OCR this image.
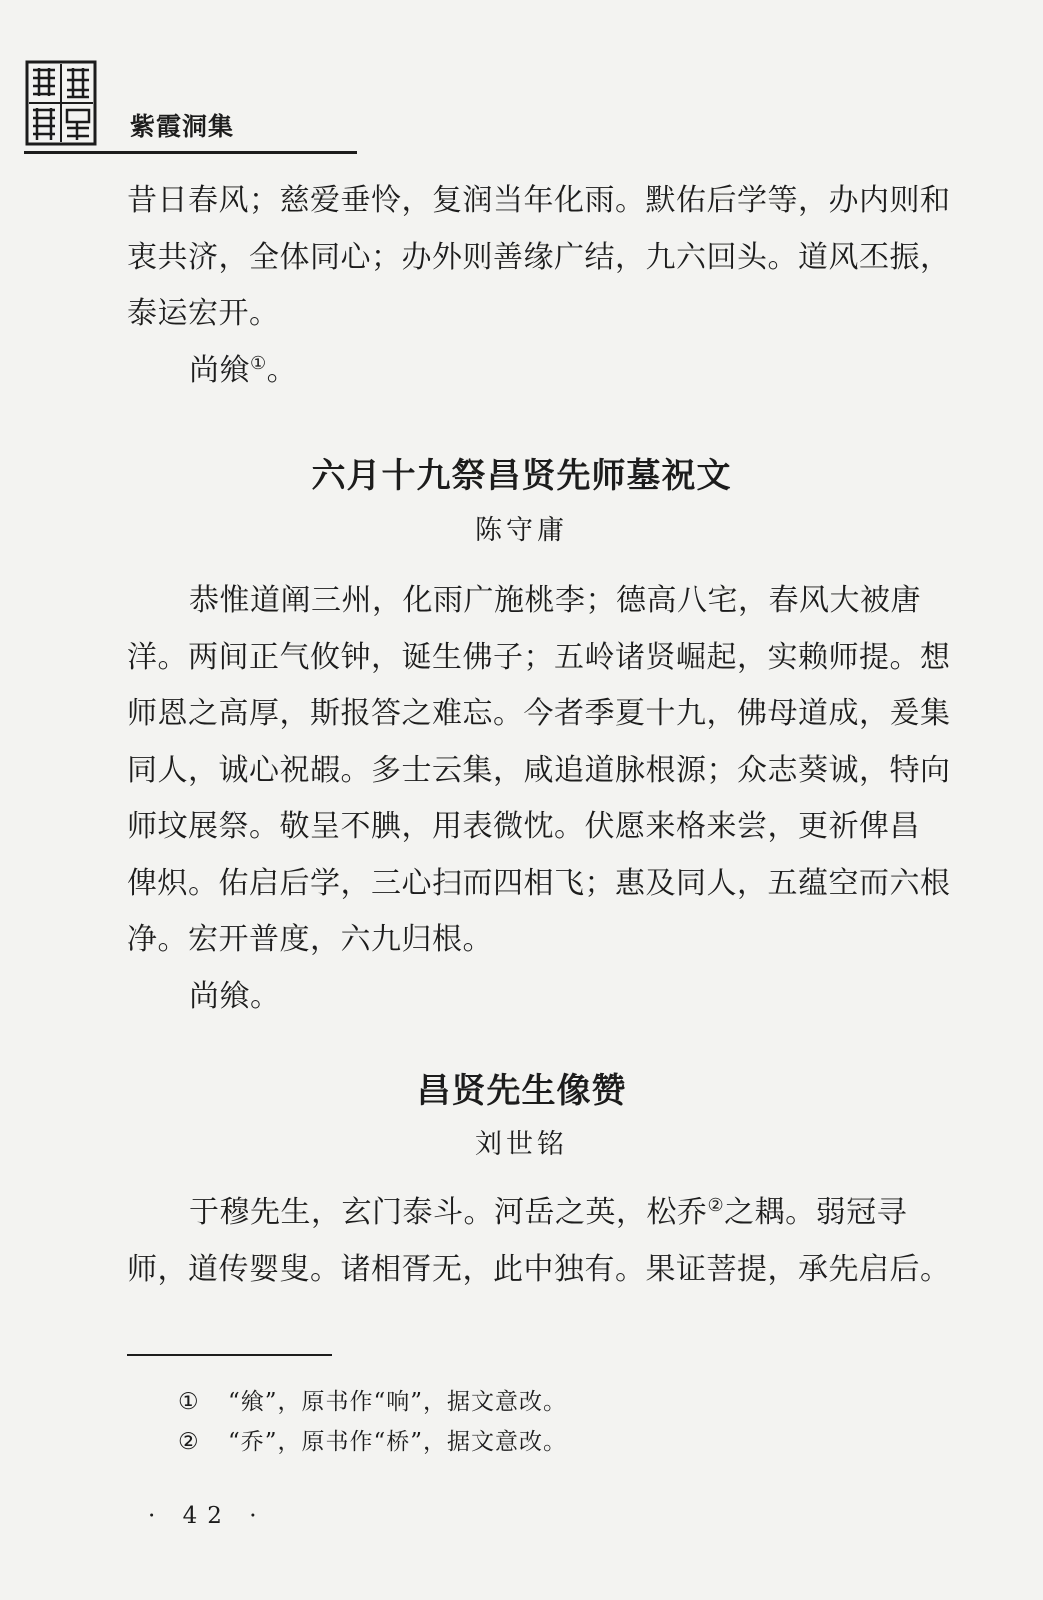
紫霞洞集

昔日春风；慈爱垂怜，复润当年化雨。默佑后学等，办内则和
衷共济，全体同心；办外则善缘广结，九六回头。道风丕振，
泰运宏开。

尚飨①。

六月十九祭昌贤先师墓祝文
陈守庸

恭惟道阐三州，化雨广施桃李；德高八宅，春风大被唐
洋。两间正气攸钟，诞生佛子；五岭诸贤崛起，实赖师提。想
师恩之高厚，斯报答之难忘。今者季夏十九，佛母道成，爰集
同人，诚心祝嘏。多士云集，咸追道脉根源；众志葵诚，特向
师坟展祭。敬呈不腆，用表微忱。伏愿来格来尝，更祈俾昌
俾炽。佑启后学，三心扫而四相飞；惠及同人，五蕴空而六根
净。宏开普度，六九归根。

尚飨。

昌贤先生像赞
刘世铭

于穆先生，玄门泰斗。河岳之英，松乔②之耦。弱冠寻
师，道传婴叟。诸相胥无，此中独有。果证菩提，承先启后。

① “飨”，原书作“响”，据文意改。
② “乔”，原书作“桥”，据文意改。
· 42 ·
